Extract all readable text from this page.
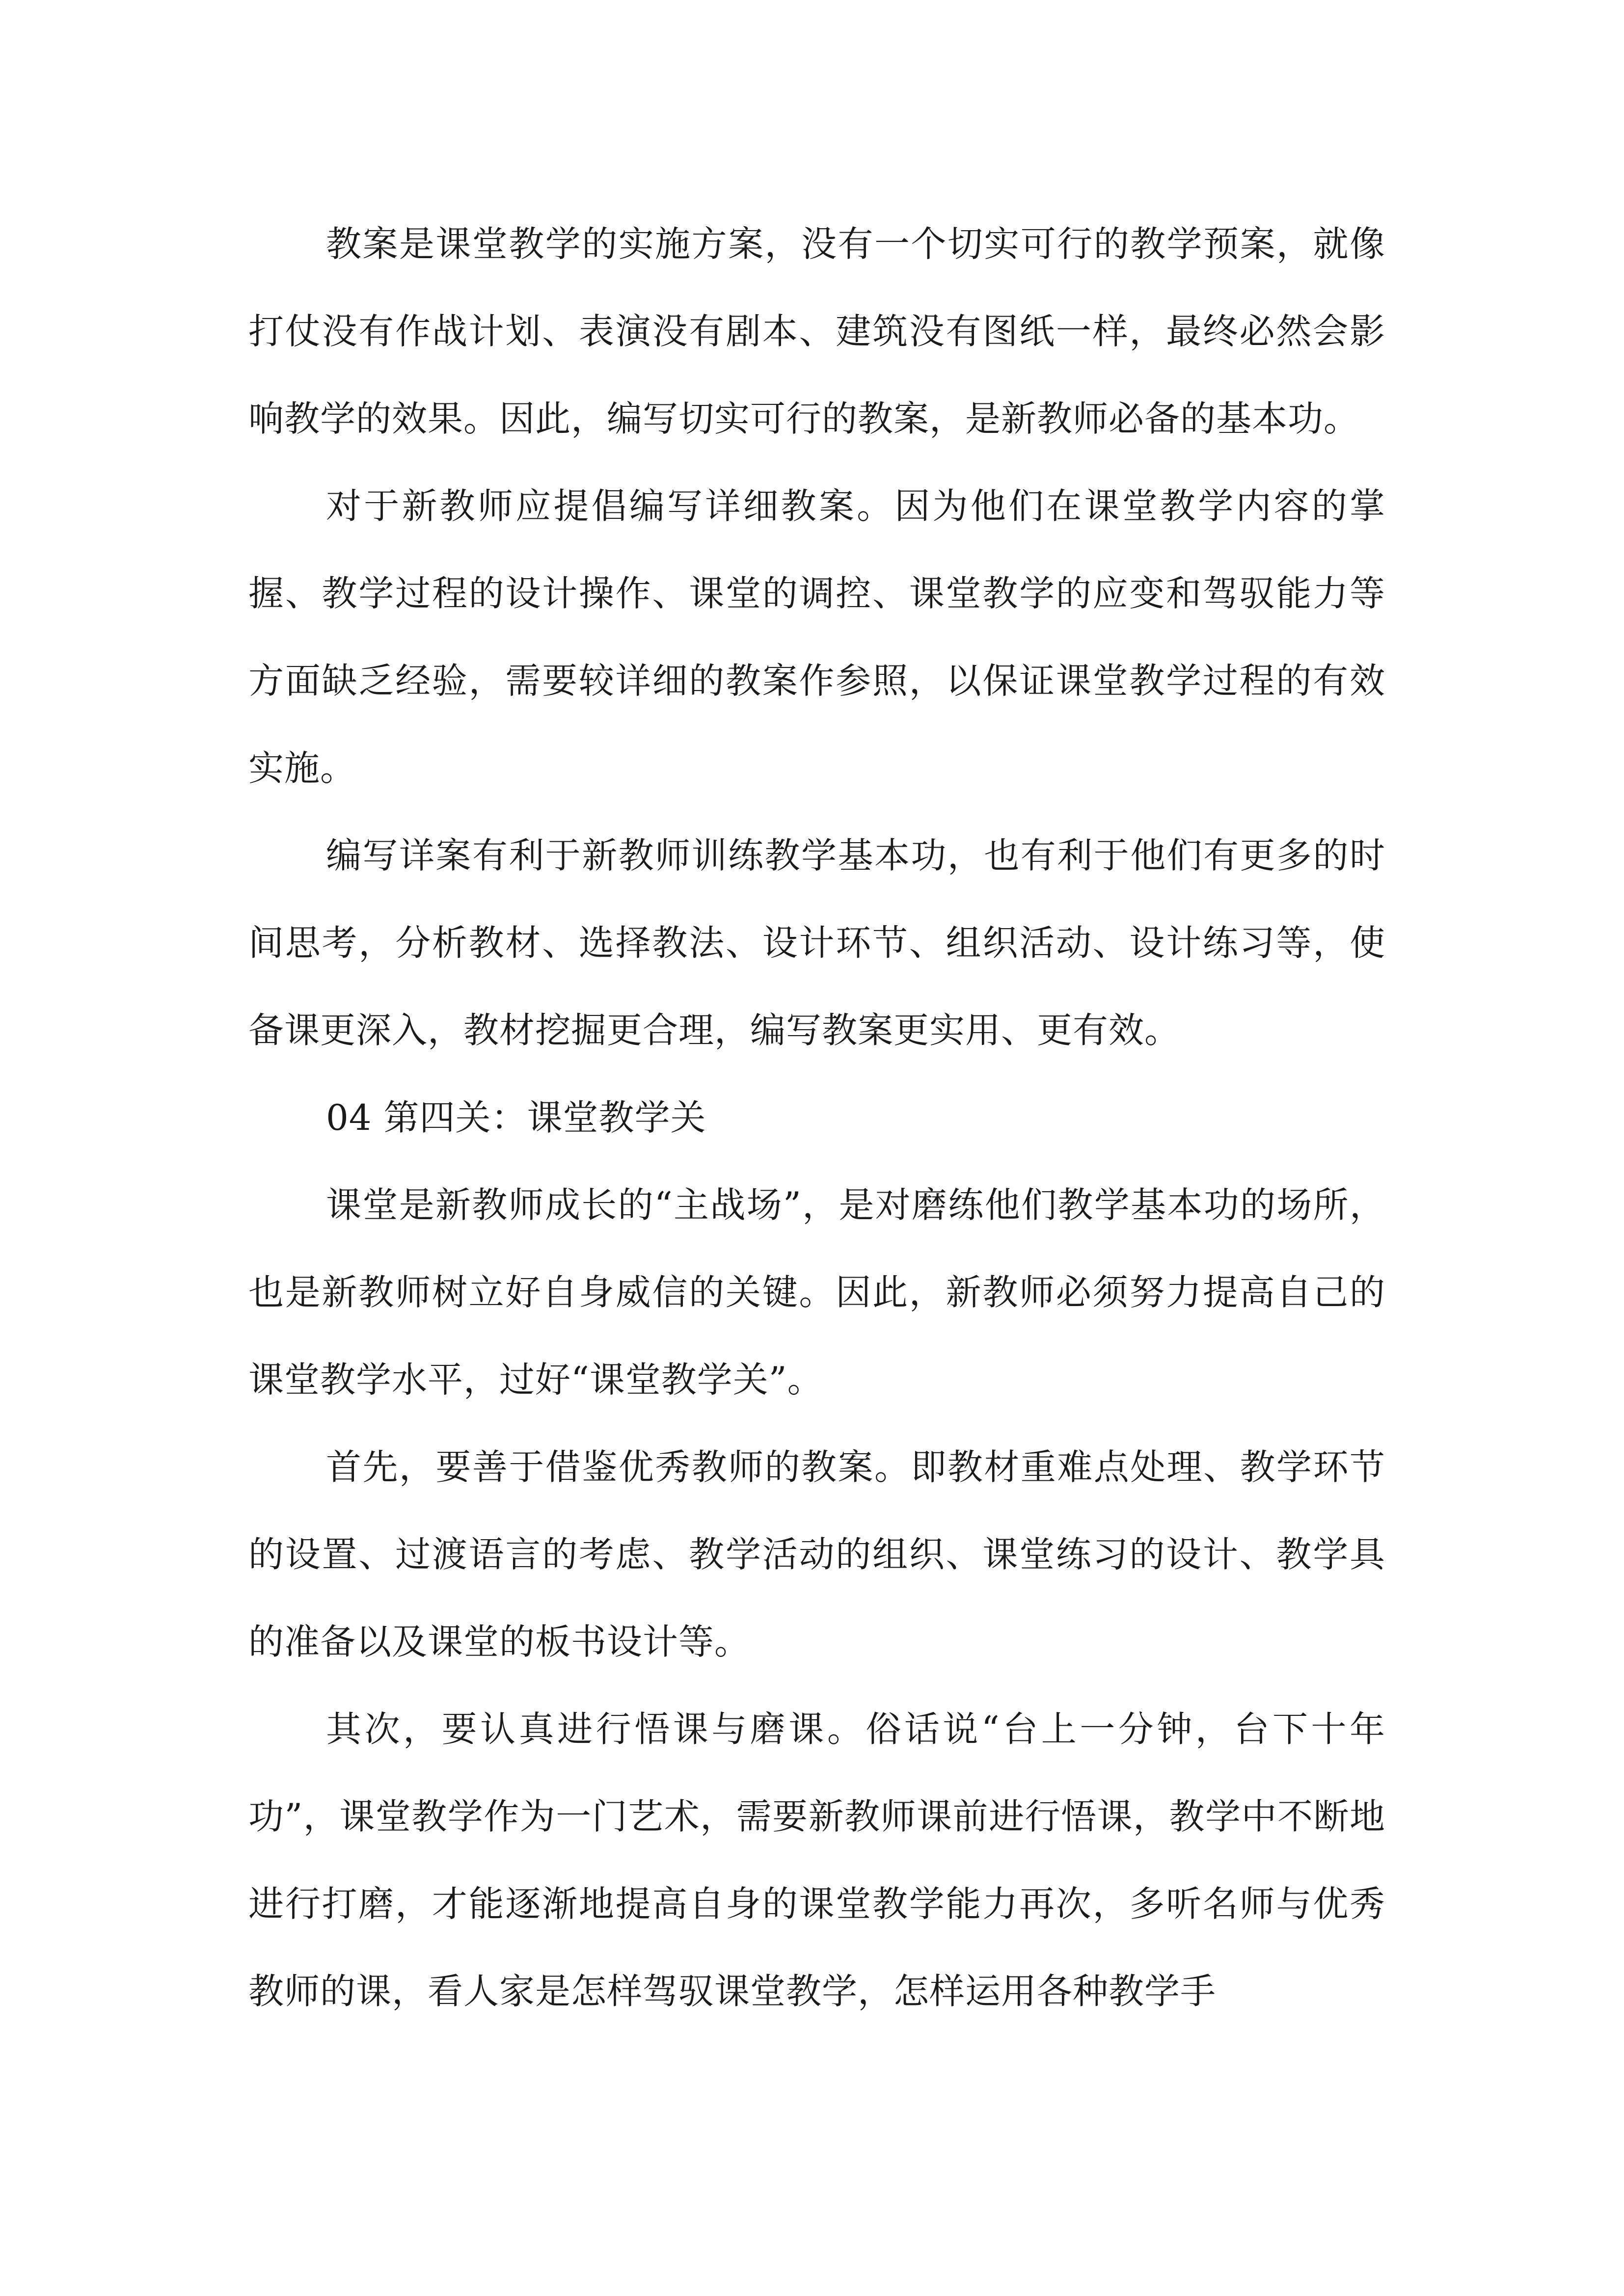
教案是课堂教学的实施方案，没有一个切实可行的教学预案，就像打仗没有作战计划、表演没有剧本、建筑没有图纸一样，最终必然会影响教学的效果。因此，编写切实可行的教案，是新教师必备的基本功。

对于新教师应提倡编写详细教案。因为他们在课堂教学内容的掌握、教学过程的设计操作、课堂的调控、课堂教学的应变和驾驭能力等方面缺乏经验，需要较详细的教案作参照，以保证课堂教学过程的有效实施。

编写详案有利于新教师训练教学基本功，也有利于他们有更多的时间思考，分析教材、选择教法、设计环节、组织活动、设计练习等，使备课更深入，教材挖掘更合理，编写教案更实用、更有效。

04 第四关：课堂教学关

课堂是新教师成长的“主战场”，是对磨练他们教学基本功的场所，也是新教师树立好自身威信的关键。因此，新教师必须努力提高自己的课堂教学水平，过好“课堂教学关”。

首先，要善于借鉴优秀教师的教案。即教材重难点处理、教学环节的设置、过渡语言的考虑、教学活动的组织、课堂练习的设计、教学具的准备以及课堂的板书设计等。

其次，要认真进行悟课与磨课。俗话说“台上一分钟，台下十年功”，课堂教学作为一门艺术，需要新教师课前进行悟课，教学中不断地进行打磨，才能逐渐地提高自身的课堂教学能力再次，多听名师与优秀教师的课，看人家是怎样驾驭课堂教学，怎样运用各种教学手
